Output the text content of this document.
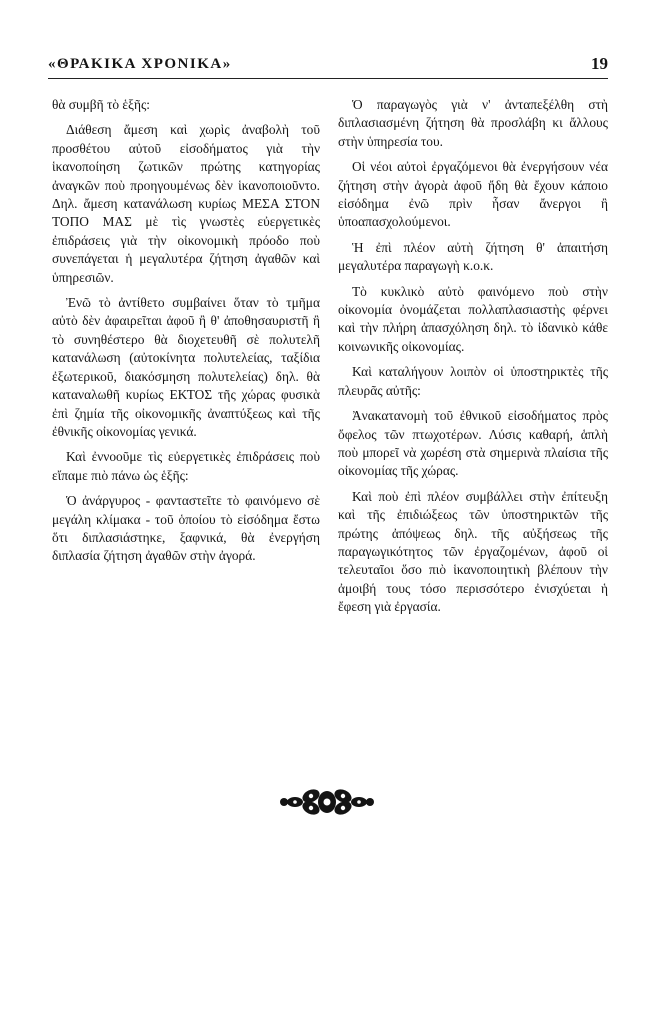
«ΘΡΑΚΙΚΑ ΧΡΟΝΙΚΑ»	19

θὰ συμβῆ τὸ ἑξῆς:

Διάθεση ἄμεση καὶ χωρὶς ἀναβολὴ τοῦ προσθέτου αὐτοῦ εἰσοδήματος γιὰ τὴν ἱκανοποίηση ζωτικῶν πρώτης κατηγορίας ἀναγκῶν ποὺ προηγουμένως δὲν ἱκανοποιοῦντο. Δηλ. ἄμεση κατανάλωση κυρίως ΜΕΣΑ ΣΤΟΝ ΤΟΠΟ ΜΑΣ μὲ τὶς γνωστὲς εὐεργετικὲς ἐπιδράσεις γιὰ τὴν οἰκονομικὴ πρόοδο ποὺ συνεπάγεται ἡ μεγαλυτέρα ζήτηση ἀγαθῶν καὶ ὑπηρεσιῶν.

Ἐνῶ τὸ ἀντίθετο συμβαίνει ὅταν τὸ τμῆμα αὐτὸ δὲν ἀφαιρεῖται ἀφοῦ ἢ θ' ἀποθησαυριστῆ ἢ τὸ συνηθέστερο θὰ διοχετευθῆ σὲ πολυτελῆ κατανάλωση (αὐτοκίνητα πολυτελείας, ταξίδια ἐξωτερικοῦ, διακόσμηση πολυτελείας) δηλ. θὰ καταναλωθῆ κυρίως ΕΚΤΟΣ τῆς χώρας φυσικὰ ἐπὶ ζημία τῆς οἰκονομικῆς ἀναπτύξεως καὶ τῆς ἐθνικῆς οἰκονομίας γενικά.

Καὶ ἐννοοῦμε τὶς εὐεργετικὲς ἐπιδράσεις ποὺ εἴπαμε πιὸ πάνω ὡς ἑξῆς:

Ὁ ἀνάργυρος - φανταστεῖτε τὸ φαινόμενο σὲ μεγάλη κλίμακα - τοῦ ὁποίου τὸ εἰσόδημα ἔστω ὅτι διπλασιάστηκε, ξαφνικά, θὰ ἐνεργήση διπλασία ζήτηση ἀγαθῶν στὴν ἀγορά.

Ὁ παραγωγὸς γιὰ ν' ἀνταπεξέλθη στὴ διπλασιασμένη ζήτηση θὰ προσλάβη κι ἄλλους στὴν ὑπηρεσία του.

Οἱ νέοι αὐτοὶ ἐργαζόμενοι θὰ ἐνεργήσουν νέα ζήτηση στὴν ἀγορὰ ἀφοῦ ἤδη θὰ ἔχουν κάποιο εἰσόδημα ἐνῶ πρὶν ἦσαν ἄνεργοι ἢ ὑποαπασχολούμενοι.

Ἡ ἐπὶ πλέον αὐτὴ ζήτηση θ' ἀπαιτήση μεγαλυτέρα παραγωγὴ κ.ο.κ.

Τὸ κυκλικὸ αὐτὸ φαινόμενο ποὺ στὴν οἰκονομία ὀνομάζεται πολλαπλασιαστὴς φέρνει καὶ τὴν πλήρη ἀπασχόληση δηλ. τὸ ἰδανικὸ κάθε κοινωνικῆς οἰκονομίας.

Καὶ καταλήγουν λοιπὸν οἱ ὑποστηρικτὲς τῆς πλευρᾶς αὐτῆς:

Ἀνακατανομὴ τοῦ ἐθνικοῦ εἰσοδήματος πρὸς ὄφελος τῶν πτωχοτέρων. Λύσις καθαρή, ἁπλὴ ποὺ μπορεῖ νὰ χωρέση στὰ σημερινὰ πλαίσια τῆς οἰκονομίας τῆς χώρας.

Καὶ ποὺ ἐπὶ πλέον συμβάλλει στὴν ἐπίτευξη καὶ τῆς ἐπιδιώξεως τῶν ὑποστηρικτῶν τῆς πρώτης ἀπόψεως δηλ. τῆς αὐξήσεως τῆς παραγωγικότητος τῶν ἐργαζομένων, ἀφοῦ οἱ τελευταῖοι ὅσο πιὸ ἱκανοποιητικὴ βλέπουν τὴν ἀμοιβή τους τόσο περισσότερο ἐνισχύεται ἡ ἔφεση γιὰ ἐργασία.
